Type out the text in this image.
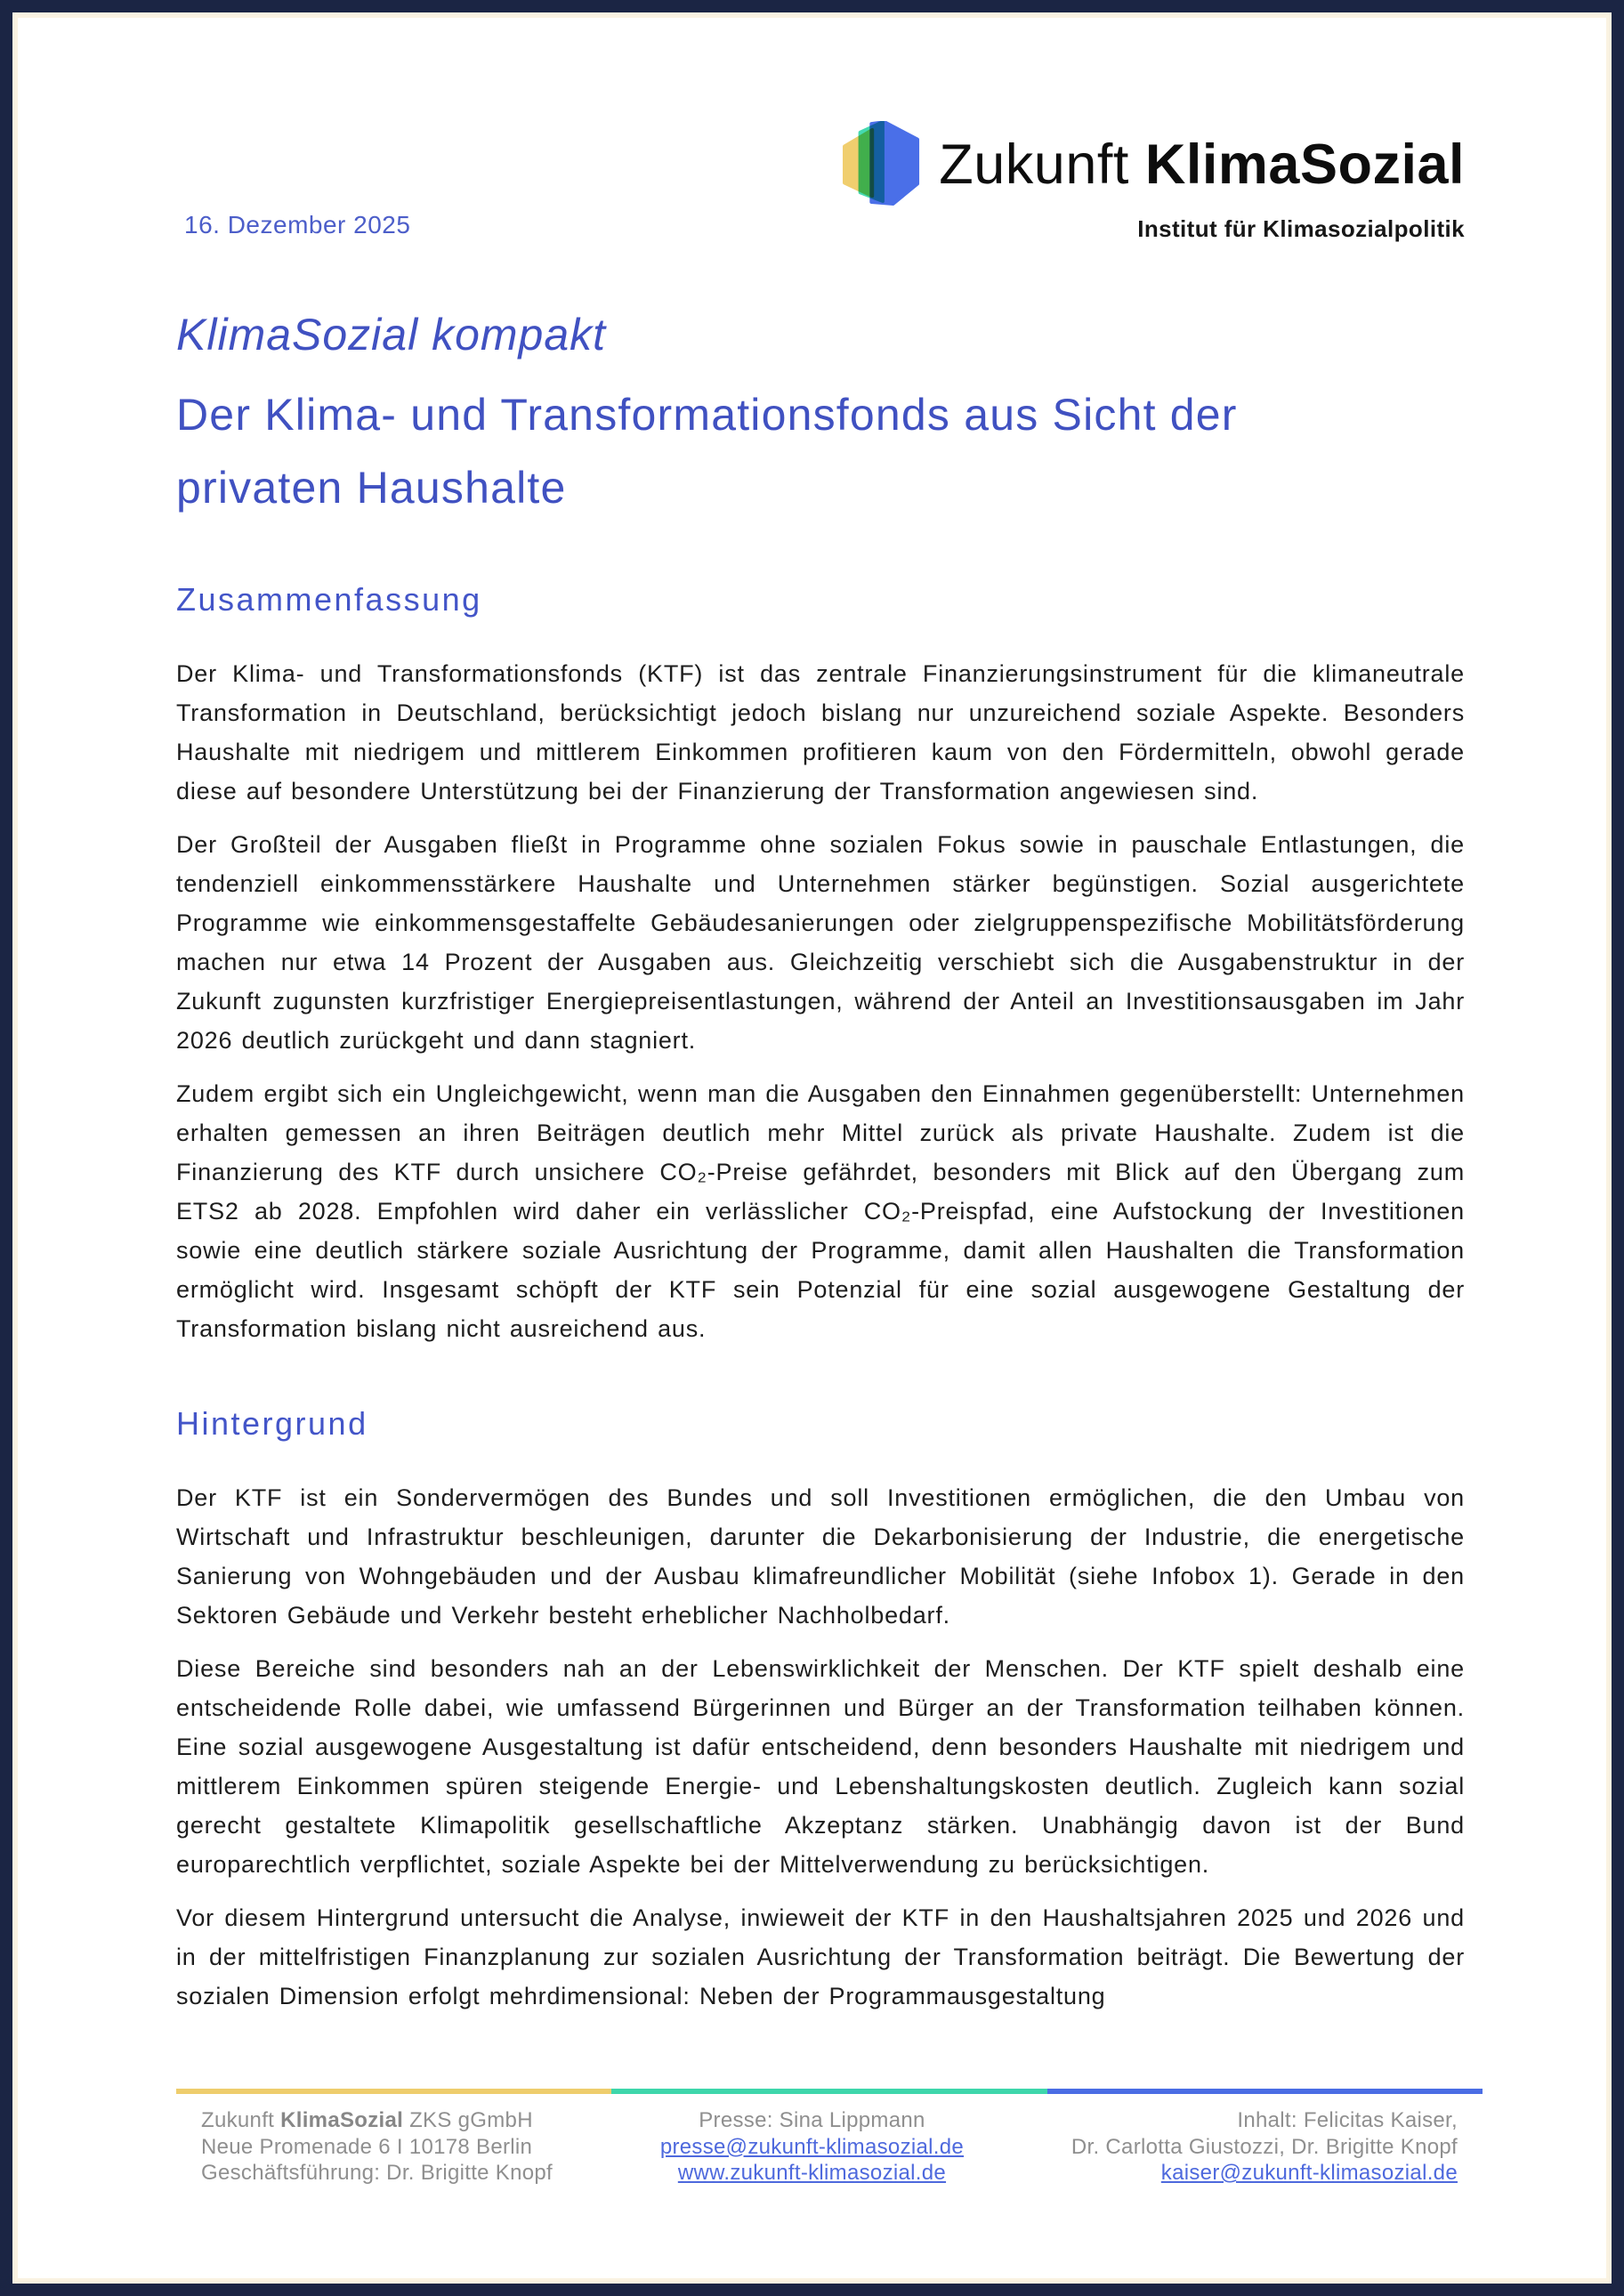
16. Dezember 2025
Zukunft KlimaSozial
Institut für Klimasozialpolitik
KlimaSozial kompakt
Der Klima- und Transformationsfonds aus Sicht der
privaten Haushalte
Zusammenfassung

Der Klima- und Transformationsfonds (KTF) ist das zentrale Finanzierungsinstrument für die klimaneutrale Transformation in Deutschland, berücksichtigt jedoch bislang nur unzureichend soziale Aspekte. Besonders Haushalte mit niedrigem und mittlerem Einkommen profitieren kaum von den Fördermitteln, obwohl gerade diese auf besondere Unterstützung bei der Finanzierung der Transformation angewiesen sind.

Der Großteil der Ausgaben fließt in Programme ohne sozialen Fokus sowie in pauschale Entlastungen, die tendenziell einkommensstärkere Haushalte und Unternehmen stärker begünstigen. Sozial ausgerichtete Programme wie einkommensgestaffelte Gebäudesanierungen oder zielgruppenspezifische Mobilitätsförderung machen nur etwa 14 Prozent der Ausgaben aus. Gleichzeitig verschiebt sich die Ausgabenstruktur in der Zukunft zugunsten kurzfristiger Energiepreisentlastungen, während der Anteil an Investitionsausgaben im Jahr 2026 deutlich zurückgeht und dann stagniert.

Zudem ergibt sich ein Ungleichgewicht, wenn man die Ausgaben den Einnahmen gegenüberstellt: Unternehmen erhalten gemessen an ihren Beiträgen deutlich mehr Mittel zurück als private Haushalte. Zudem ist die Finanzierung des KTF durch unsichere CO₂-Preise gefährdet, besonders mit Blick auf den Übergang zum ETS2 ab 2028. Empfohlen wird daher ein verlässlicher CO₂-Preispfad, eine Aufstockung der Investitionen sowie eine deutlich stärkere soziale Ausrichtung der Programme, damit allen Haushalten die Transformation ermöglicht wird. Insgesamt schöpft der KTF sein Potenzial für eine sozial ausgewogene Gestaltung der Transformation bislang nicht ausreichend aus.

Hintergrund

Der KTF ist ein Sondervermögen des Bundes und soll Investitionen ermöglichen, die den Umbau von Wirtschaft und Infrastruktur beschleunigen, darunter die Dekarbonisierung der Industrie, die energetische Sanierung von Wohngebäuden und der Ausbau klimafreundlicher Mobilität (siehe Infobox 1). Gerade in den Sektoren Gebäude und Verkehr besteht erheblicher Nachholbedarf.

Diese Bereiche sind besonders nah an der Lebenswirklichkeit der Menschen. Der KTF spielt deshalb eine entscheidende Rolle dabei, wie umfassend Bürgerinnen und Bürger an der Transformation teilhaben können. Eine sozial ausgewogene Ausgestaltung ist dafür entscheidend, denn besonders Haushalte mit niedrigem und mittlerem Einkommen spüren steigende Energie- und Lebenshaltungskosten deutlich. Zugleich kann sozial gerecht gestaltete Klimapolitik gesellschaftliche Akzeptanz stärken. Unabhängig davon ist der Bund europarechtlich verpflichtet, soziale Aspekte bei der Mittelverwendung zu berücksichtigen.

Vor diesem Hintergrund untersucht die Analyse, inwieweit der KTF in den Haushaltsjahren 2025 und 2026 und in der mittelfristigen Finanzplanung zur sozialen Ausrichtung der Transformation beiträgt. Die Bewertung der sozialen Dimension erfolgt mehrdimensional: Neben der Programmausgestaltung

Zukunft KlimaSozial ZKS gGmbH
Neue Promenade 6 I 10178 Berlin
Geschäftsführung: Dr. Brigitte Knopf
Presse: Sina Lippmann
presse@zukunft-klimasozial.de
www.zukunft-klimasozial.de
Inhalt: Felicitas Kaiser,
Dr. Carlotta Giustozzi, Dr. Brigitte Knopf
kaiser@zukunft-klimasozial.de
